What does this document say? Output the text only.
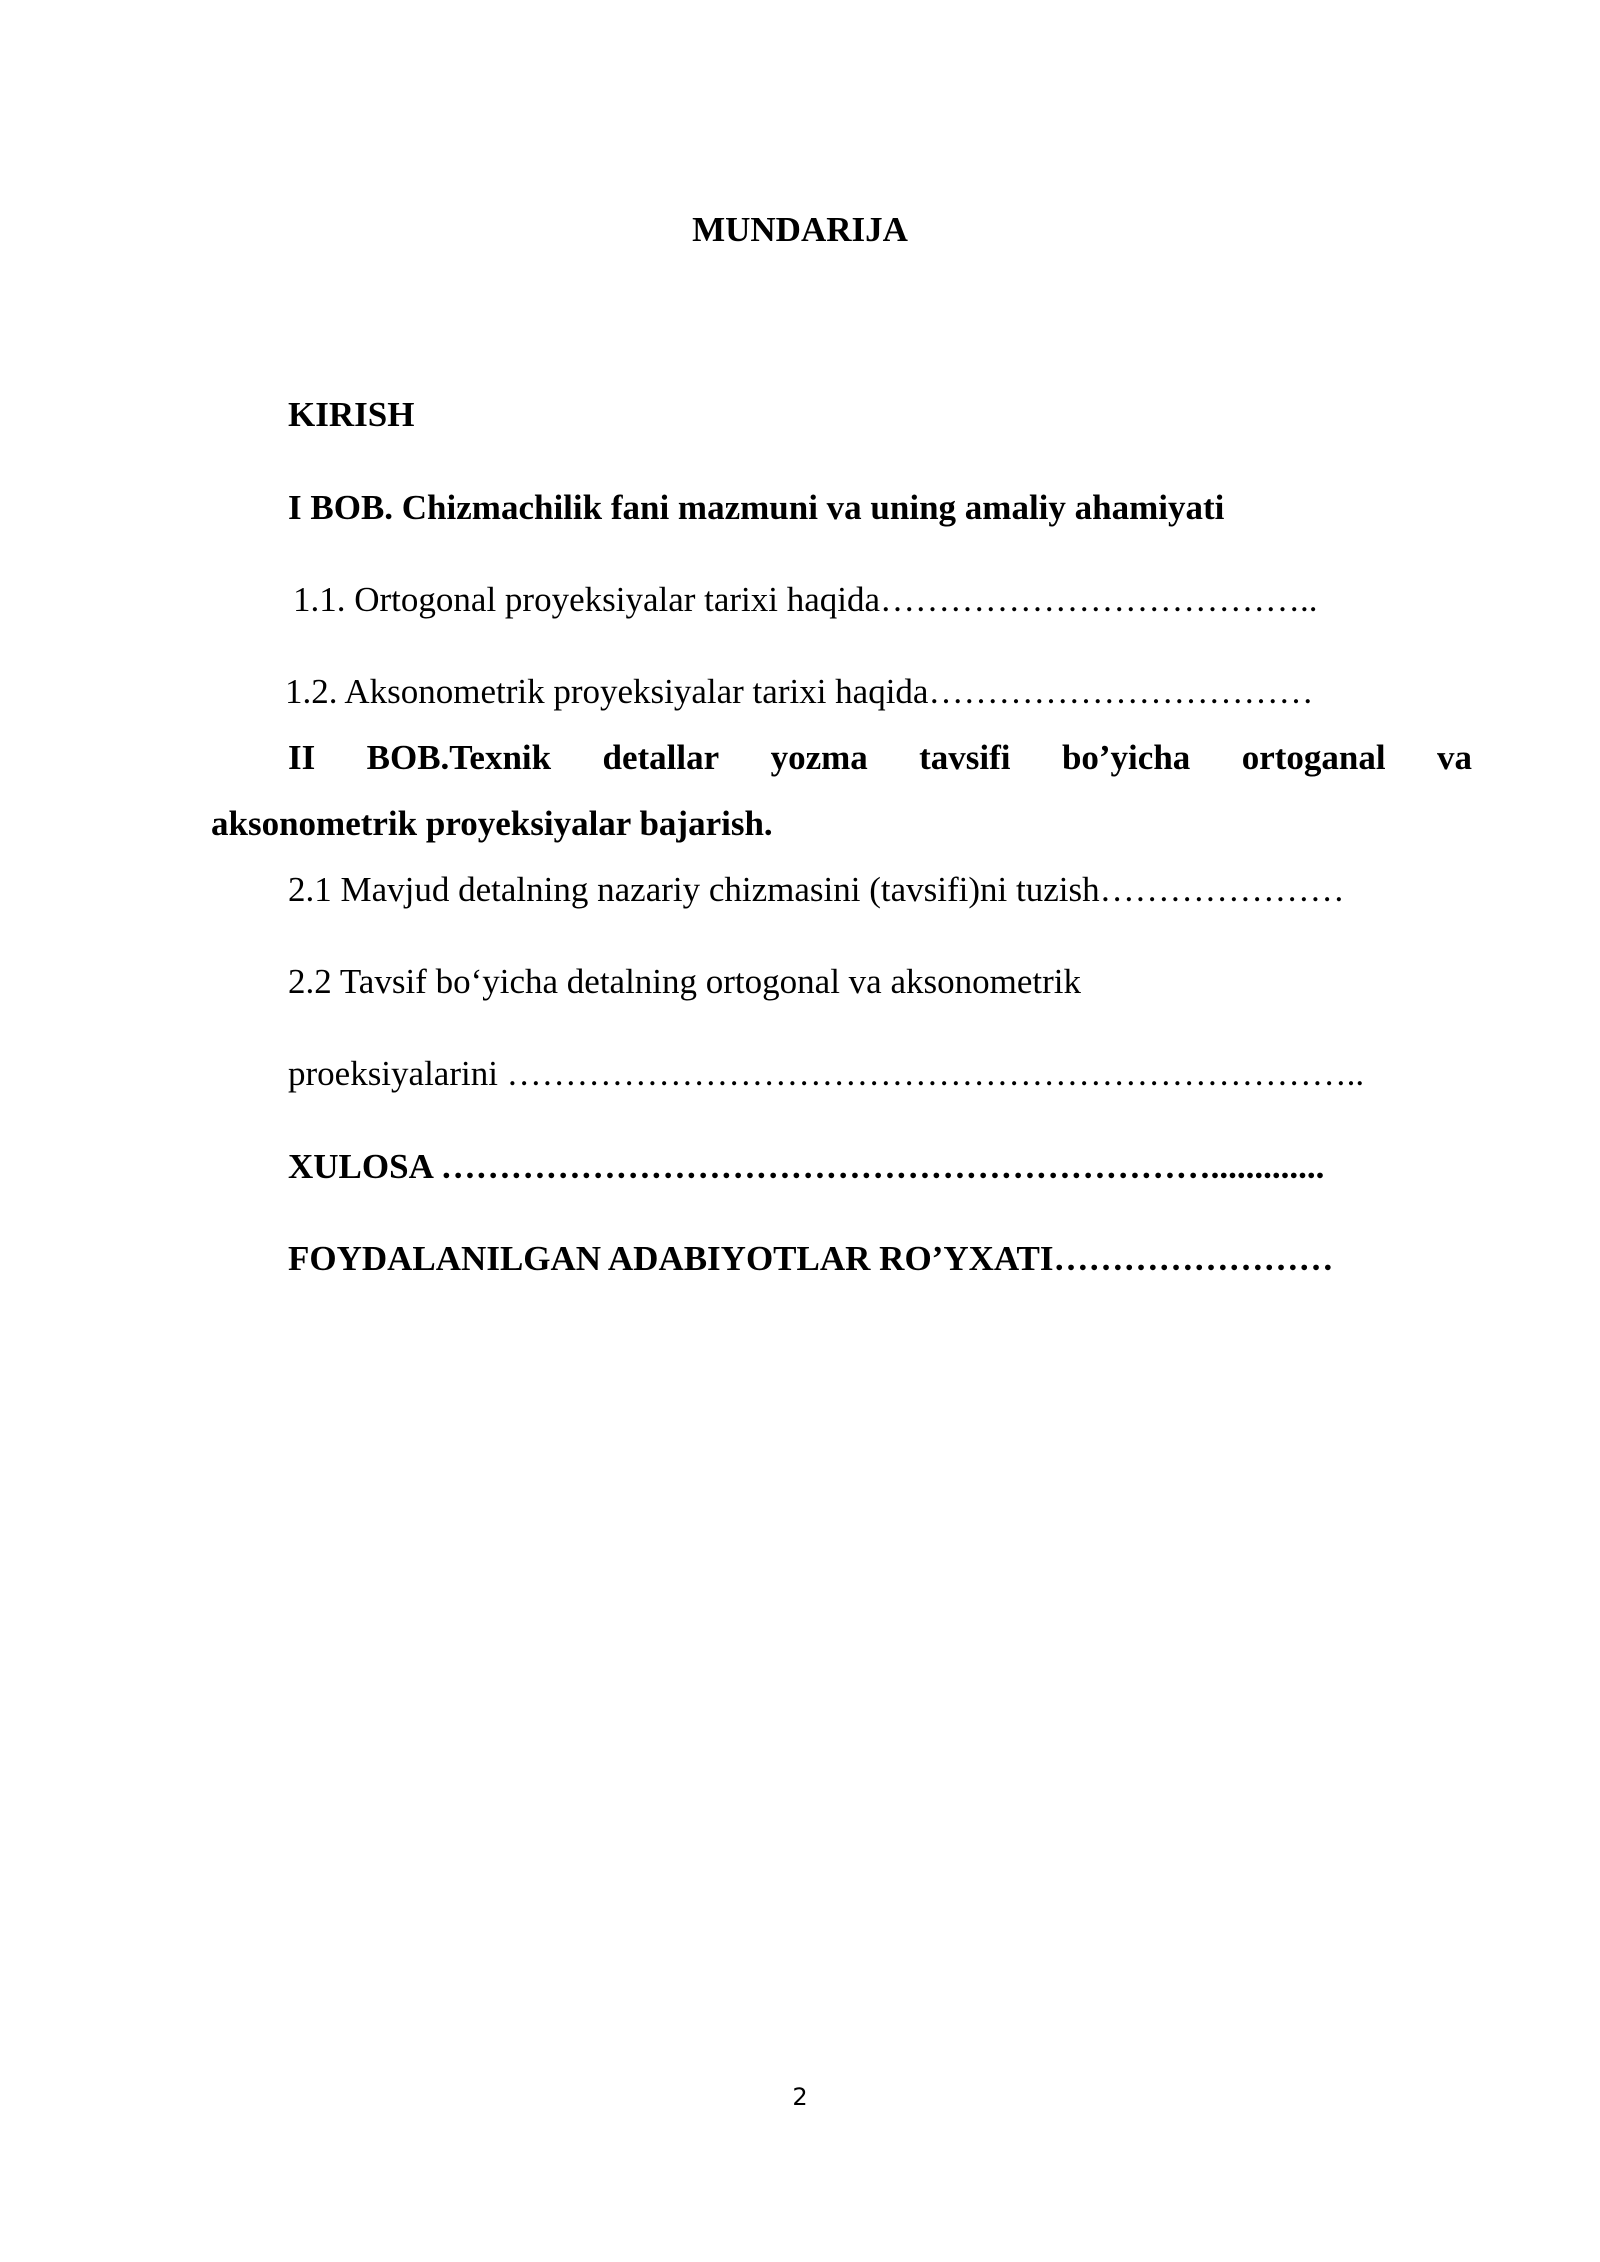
MUNDARIJA
KIRISH
I BOB. Chizmachilik fani mazmuni va uning amaliy ahamiyati
1.1. Ortogonal proyeksiyalar tarixi haqida………………………………..
1.2. Aksonometrik proyeksiyalar tarixi haqida……………………………
II BOB.Texnik detallar yozma tavsifi bo’yicha ortoganal va
aksonometrik proyeksiyalar bajarish.
2.1 Mavjud detalning nazariy chizmasini (tavsifi)ni tuzish…………………
2.2 Tavsif bo‘yicha detalning ortogonal va aksonometrik
proeksiyalarini ………………………………………………………………..
XULOSA ………………………………………………………….............
FOYDALANILGAN ADABIYOTLAR RO’YXATI……………………
2
